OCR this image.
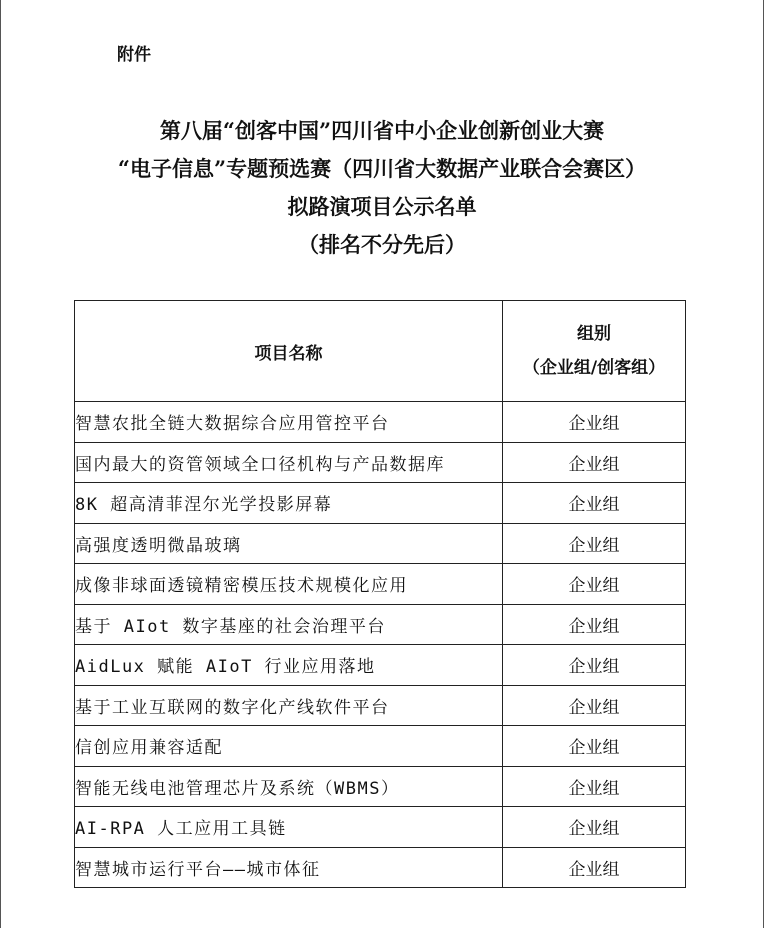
附件
第八届“创客中国”四川省中小企业创新创业大赛
“电子信息”专题预选赛（四川省大数据产业联合会赛区）
拟路演项目公示名单
（排名不分先后）
项目名称	组别
（企业组/创客组）

智慧农批全链大数据综合应用管控平台	企业组
国内最大的资管领域全口径机构与产品数据库	企业组
8K 超高清菲涅尔光学投影屏幕	企业组
高强度透明微晶玻璃	企业组
成像非球面透镜精密模压技术规模化应用	企业组
基于 AIot 数字基座的社会治理平台	企业组
AidLux 赋能 AIoT 行业应用落地	企业组
基于工业互联网的数字化产线软件平台	企业组
信创应用兼容适配	企业组
智能无线电池管理芯片及系统（WBMS）	企业组
AI-RPA 人工应用工具链	企业组
智慧城市运行平台——城市体征	企业组
